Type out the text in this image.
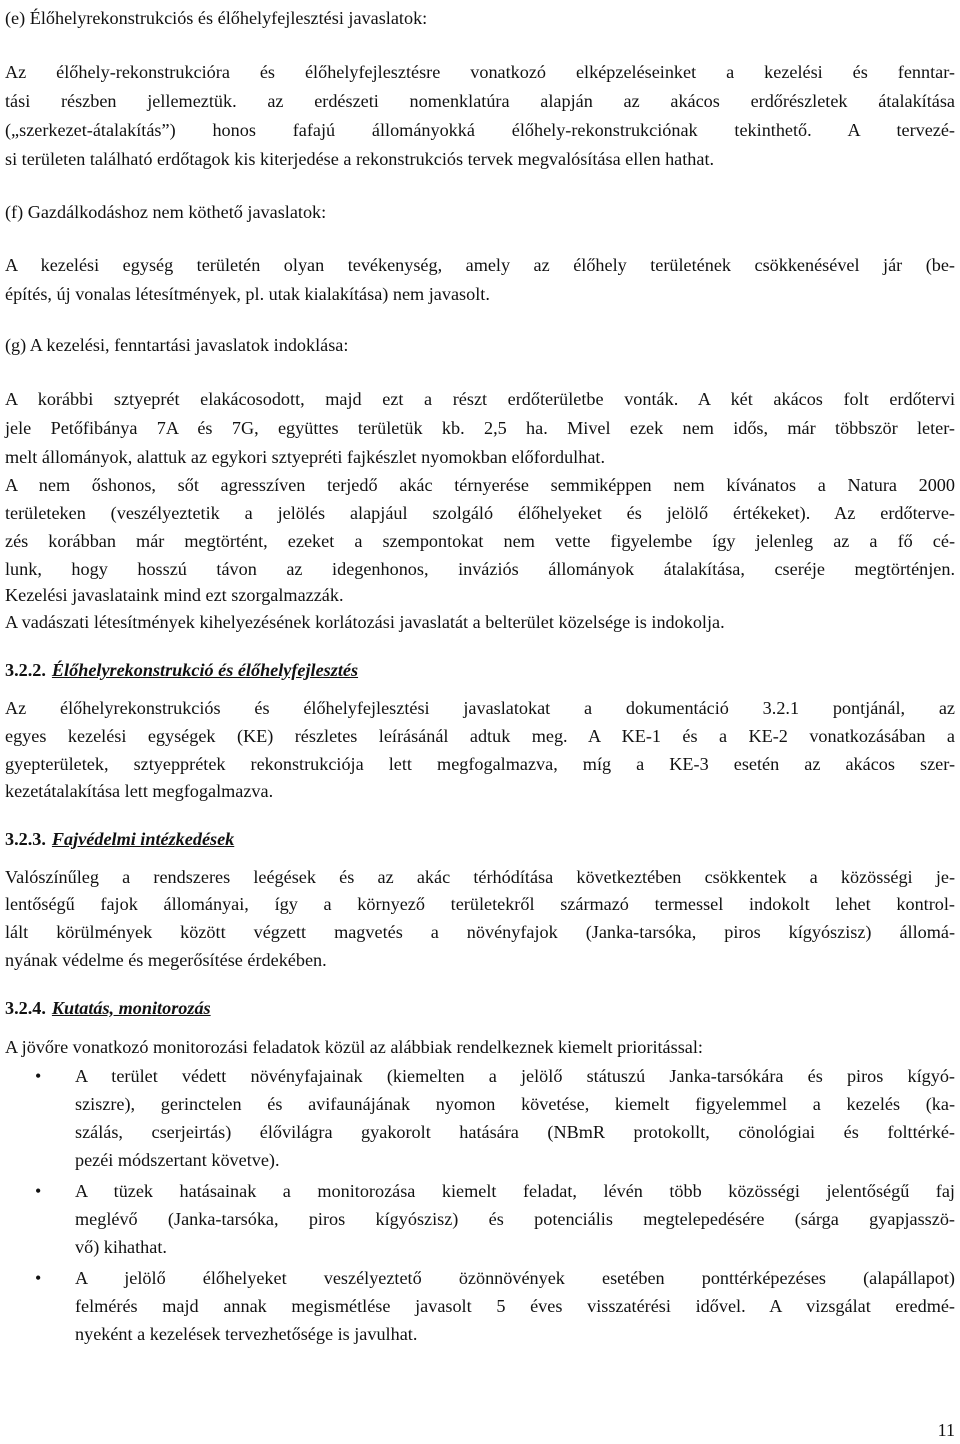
(e) Élőhelyrekonstrukciós és élőhelyfejlesztési javaslatok:
Az élőhely-rekonstrukcióra és élőhelyfejlesztésre vonatkozó elképzeléseinket a kezelési és fenntar-
tási részben jellemeztük. az erdészeti nomenklatúra alapján az akácos erdőrészletek átalakítása
(„szerkezet-átalakítás”) honos fafajú állományokká élőhely-rekonstrukciónak tekinthető. A tervezé-
si területen található erdőtagok kis kiterjedése a rekonstrukciós tervek megvalósítása ellen hathat.
(f) Gazdálkodáshoz nem köthető javaslatok:
A kezelési egység területén olyan tevékenység, amely az élőhely területének csökkenésével jár (be-
építés, új vonalas létesítmények, pl. utak kialakítása) nem javasolt.
(g) A kezelési, fenntartási javaslatok indoklása:
A korábbi sztyeprét elakácosodott, majd ezt a részt erdőterületbe vonták. A két akácos folt erdőtervi
jele Petőfibánya 7A és 7G, együttes területük kb. 2,5 ha. Mivel ezek nem idős, már többször leter-
melt állományok, alattuk az egykori sztyepréti fajkészlet nyomokban előfordulhat.
A nem őshonos, sőt agresszíven terjedő akác térnyerése semmiképpen nem kívánatos a Natura 2000
területeken (veszélyeztetik a jelölés alapjául szolgáló élőhelyeket és jelölő értékeket). Az erdőterve-
zés korábban már megtörtént, ezeket a szempontokat nem vette figyelembe így jelenleg az a fő cé-
lunk, hogy hosszú távon az idegenhonos, inváziós állományok átalakítása, cseréje megtörténjen.
Kezelési javaslataink mind ezt szorgalmazzák.
A vadászati létesítmények kihelyezésének korlátozási javaslatát a belterület közelsége is indokolja.
3.2.2. Élőhelyrekonstrukció és élőhelyfejlesztés
Az élőhelyrekonstrukciós és élőhelyfejlesztési javaslatokat a dokumentáció 3.2.1 pontjánál, az
egyes kezelési egységek (KE) részletes leírásánál adtuk meg. A KE-1 és a KE-2 vonatkozásában a
gyepterületek, sztyepprétek rekonstrukciója lett megfogalmazva, míg a KE-3 esetén az akácos szer-
kezetátalakítása lett megfogalmazva.
3.2.3. Fajvédelmi intézkedések
Valószínűleg a rendszeres leégések és az akác térhódítása következtében csökkentek a közösségi je-
lentőségű fajok állományai, így a környező területekről származó termessel indokolt lehet kontrol-
lált körülmények között végzett magvetés a növényfajok (Janka-tarsóka, piros kígyószisz) állomá-
nyának védelme és megerősítése érdekében.
3.2.4. Kutatás, monitorozás
A jövőre vonatkozó monitorozási feladatok közül az alábbiak rendelkeznek kiemelt prioritással:
•	A terület védett növényfajainak (kiemelten a jelölő státuszú Janka-tarsókára és piros kígyó-
sziszre), gerinctelen és avifaunájának nyomon követése, kiemelt figyelemmel a kezelés (ka-
szálás, cserjeirtás) élővilágra gyakorolt hatására (NBmR protokollt, cönológiai és folttérké-
pezéi módszertant követve).
•	A tüzek hatásainak a monitorozása kiemelt feladat, lévén több közösségi jelentőségű faj
meglévő (Janka-tarsóka, piros kígyószisz) és potenciális megtelepedésére (sárga gyapjasszö-
vő) kihathat.
•	A jelölő élőhelyeket veszélyeztető özönnövények esetében ponttérképezéses (alapállapot)
felmérés majd annak megismétlése javasolt 5 éves visszatérési idővel. A vizsgálat eredmé-
nyeként a kezelések tervezhetősége is javulhat.
11
